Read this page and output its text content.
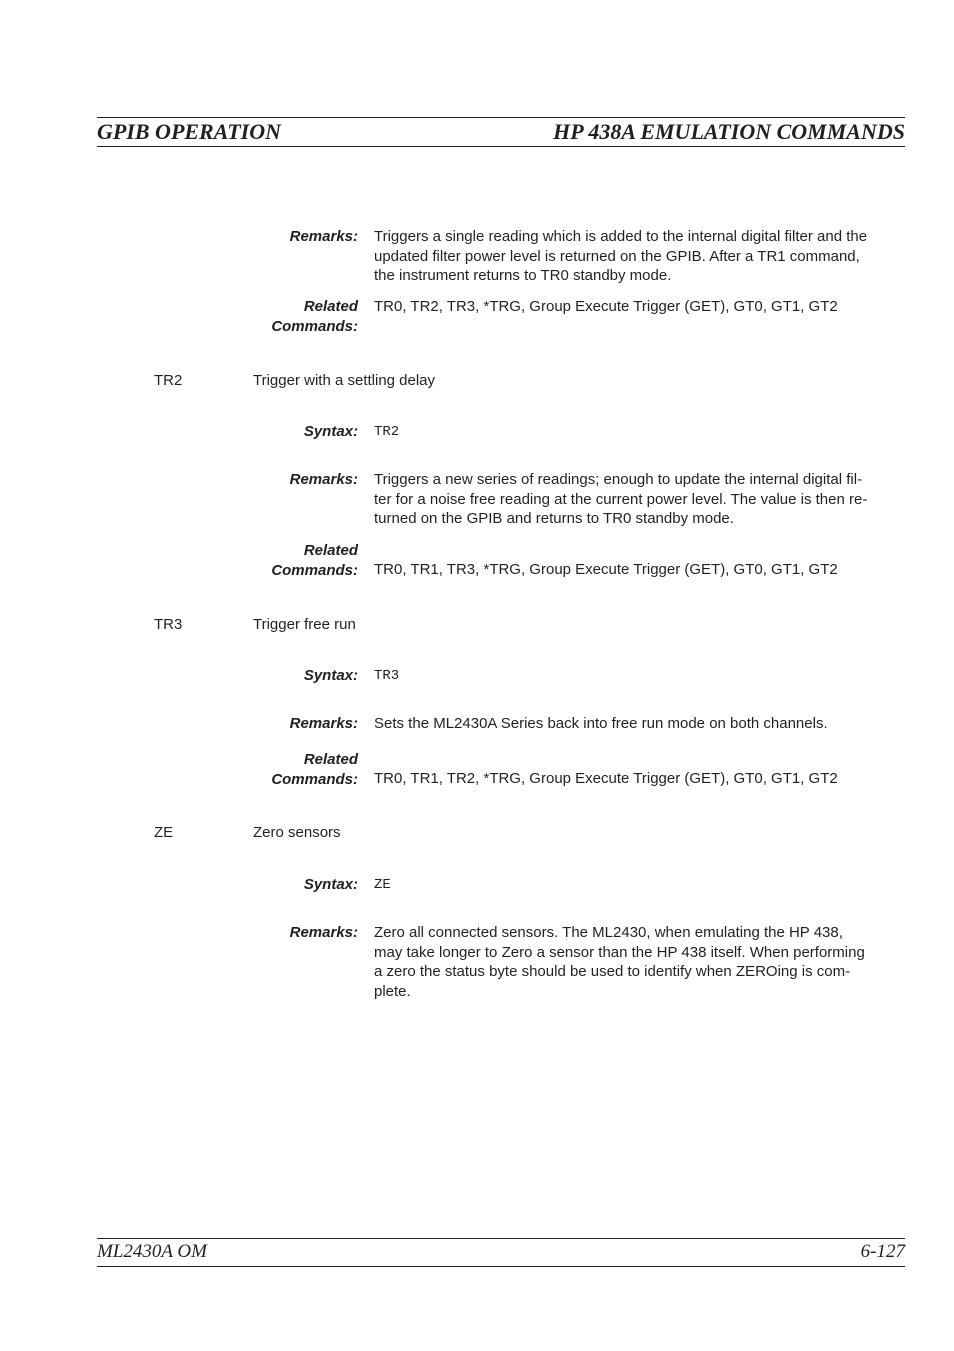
GPIB OPERATION	HP 438A EMULATION COMMANDS
Remarks: Triggers a single reading which is added to the internal digital filter and the
updated filter power level is returned on the GPIB. After a TR1 command,
the instrument returns to TR0 standby mode.
Related
Commands:
TR0, TR2, TR3, *TRG, Group Execute Trigger (GET), GT0, GT1, GT2
TR2	Trigger with a settling delay
Syntax: TR2
Remarks: Triggers a new series of readings; enough to update the internal digital fil-
ter for a noise free reading at the current power level. The value is then re-
turned on the GPIB and returns to TR0 standby mode.
Related
Commands: TR0, TR1, TR3, *TRG, Group Execute Trigger (GET), GT0, GT1, GT2
TR3	Trigger free run
Syntax: TR3
Remarks: Sets the ML2430A Series back into free run mode on both channels.
Related
Commands: TR0, TR1, TR2, *TRG, Group Execute Trigger (GET), GT0, GT1, GT2
ZE	Zero sensors
Syntax: ZE
Remarks: Zero all connected sensors. The ML2430, when emulating the HP 438,
may take longer to Zero a sensor than the HP 438 itself. When performing
a zero the status byte should be used to identify when ZEROing is com-
plete.
ML2430A OM	6-127
